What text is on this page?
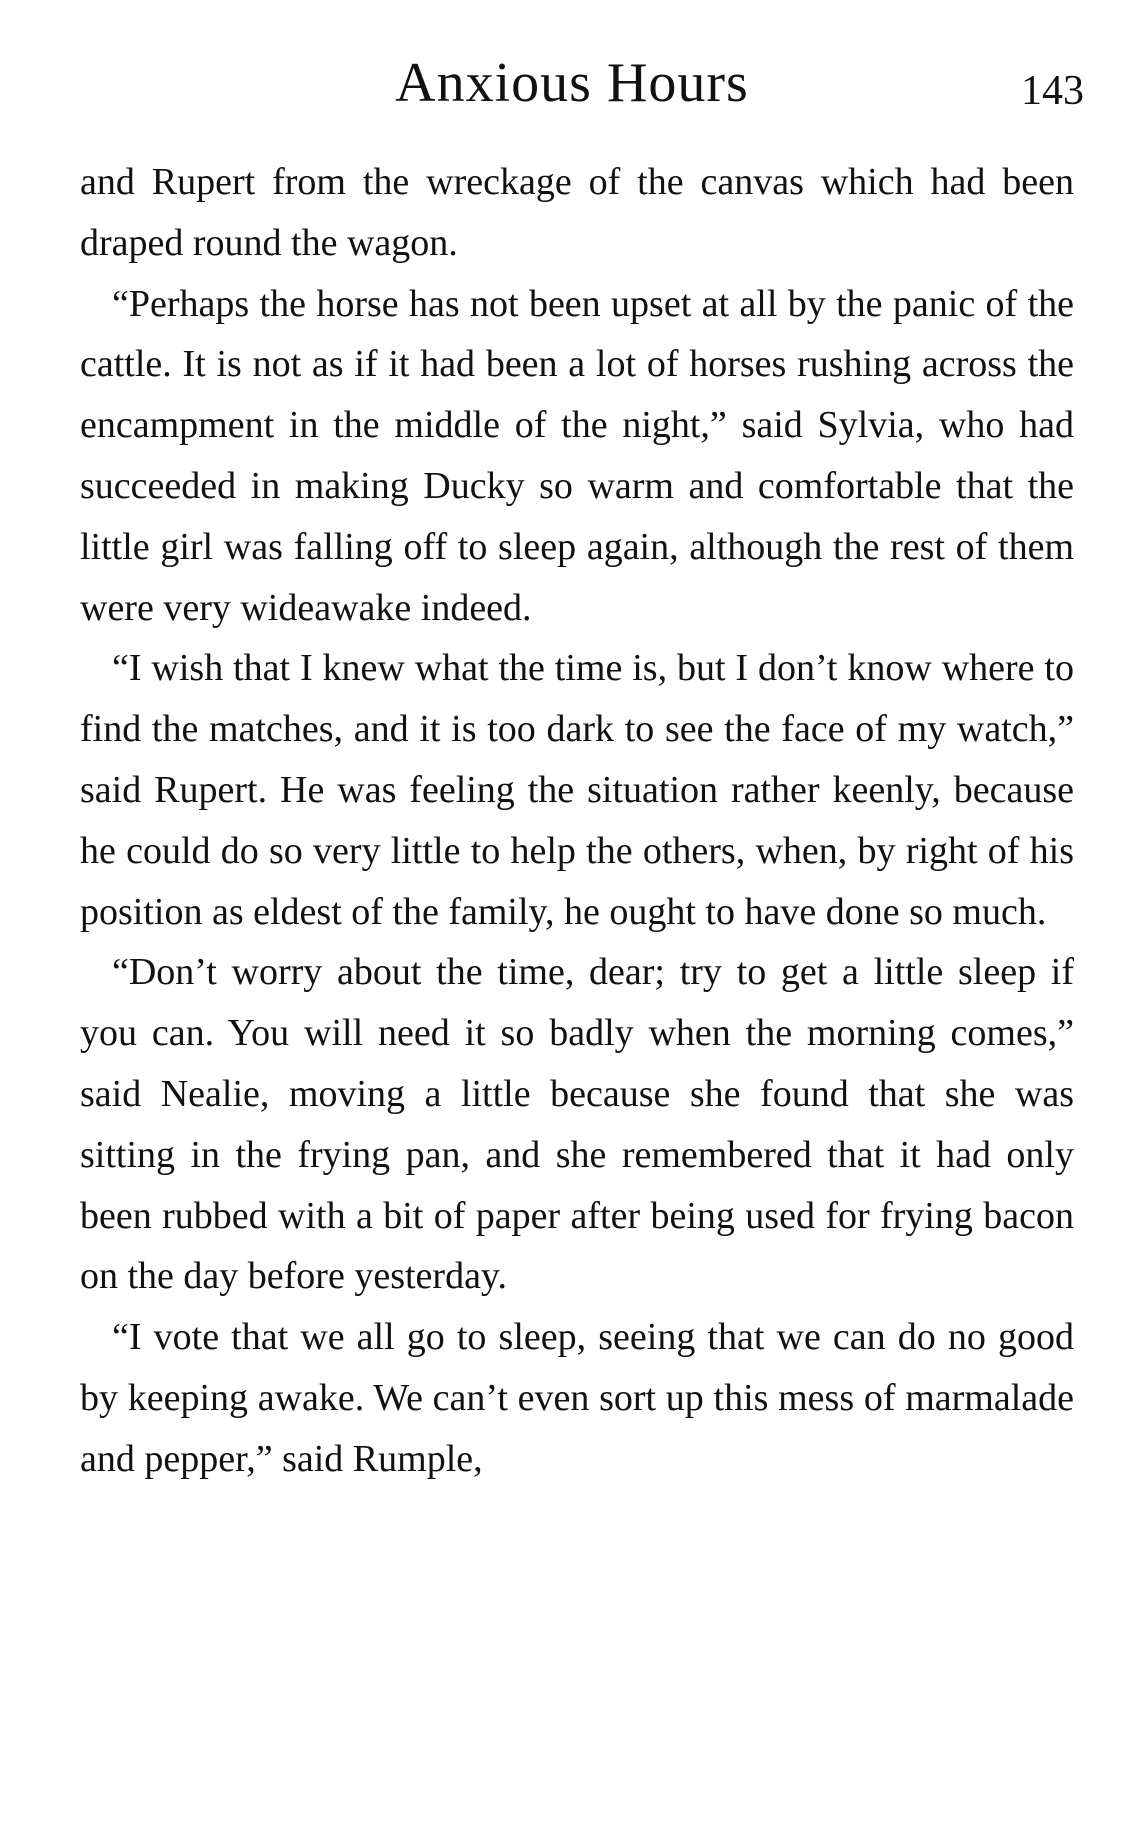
Anxious Hours	143

and Rupert from the wreckage of the canvas which had been draped round the wagon.

“Perhaps the horse has not been upset at all by the panic of the cattle. It is not as if it had been a lot of horses rushing across the encampment in the middle of the night,” said Sylvia, who had succeeded in making Ducky so warm and comfortable that the little girl was falling off to sleep again, although the rest of them were very wideawake indeed.

“I wish that I knew what the time is, but I don’t know where to find the matches, and it is too dark to see the face of my watch,” said Rupert. He was feeling the situation rather keenly, because he could do so very little to help the others, when, by right of his position as eldest of the family, he ought to have done so much.

“Don’t worry about the time, dear; try to get a little sleep if you can. You will need it so badly when the morning comes,” said Nealie, moving a little because she found that she was sitting in the frying pan, and she remembered that it had only been rubbed with a bit of paper after being used for frying bacon on the day before yesterday.

“I vote that we all go to sleep, seeing that we can do no good by keeping awake. We can’t even sort up this mess of marmalade and pepper,” said Rumple,
